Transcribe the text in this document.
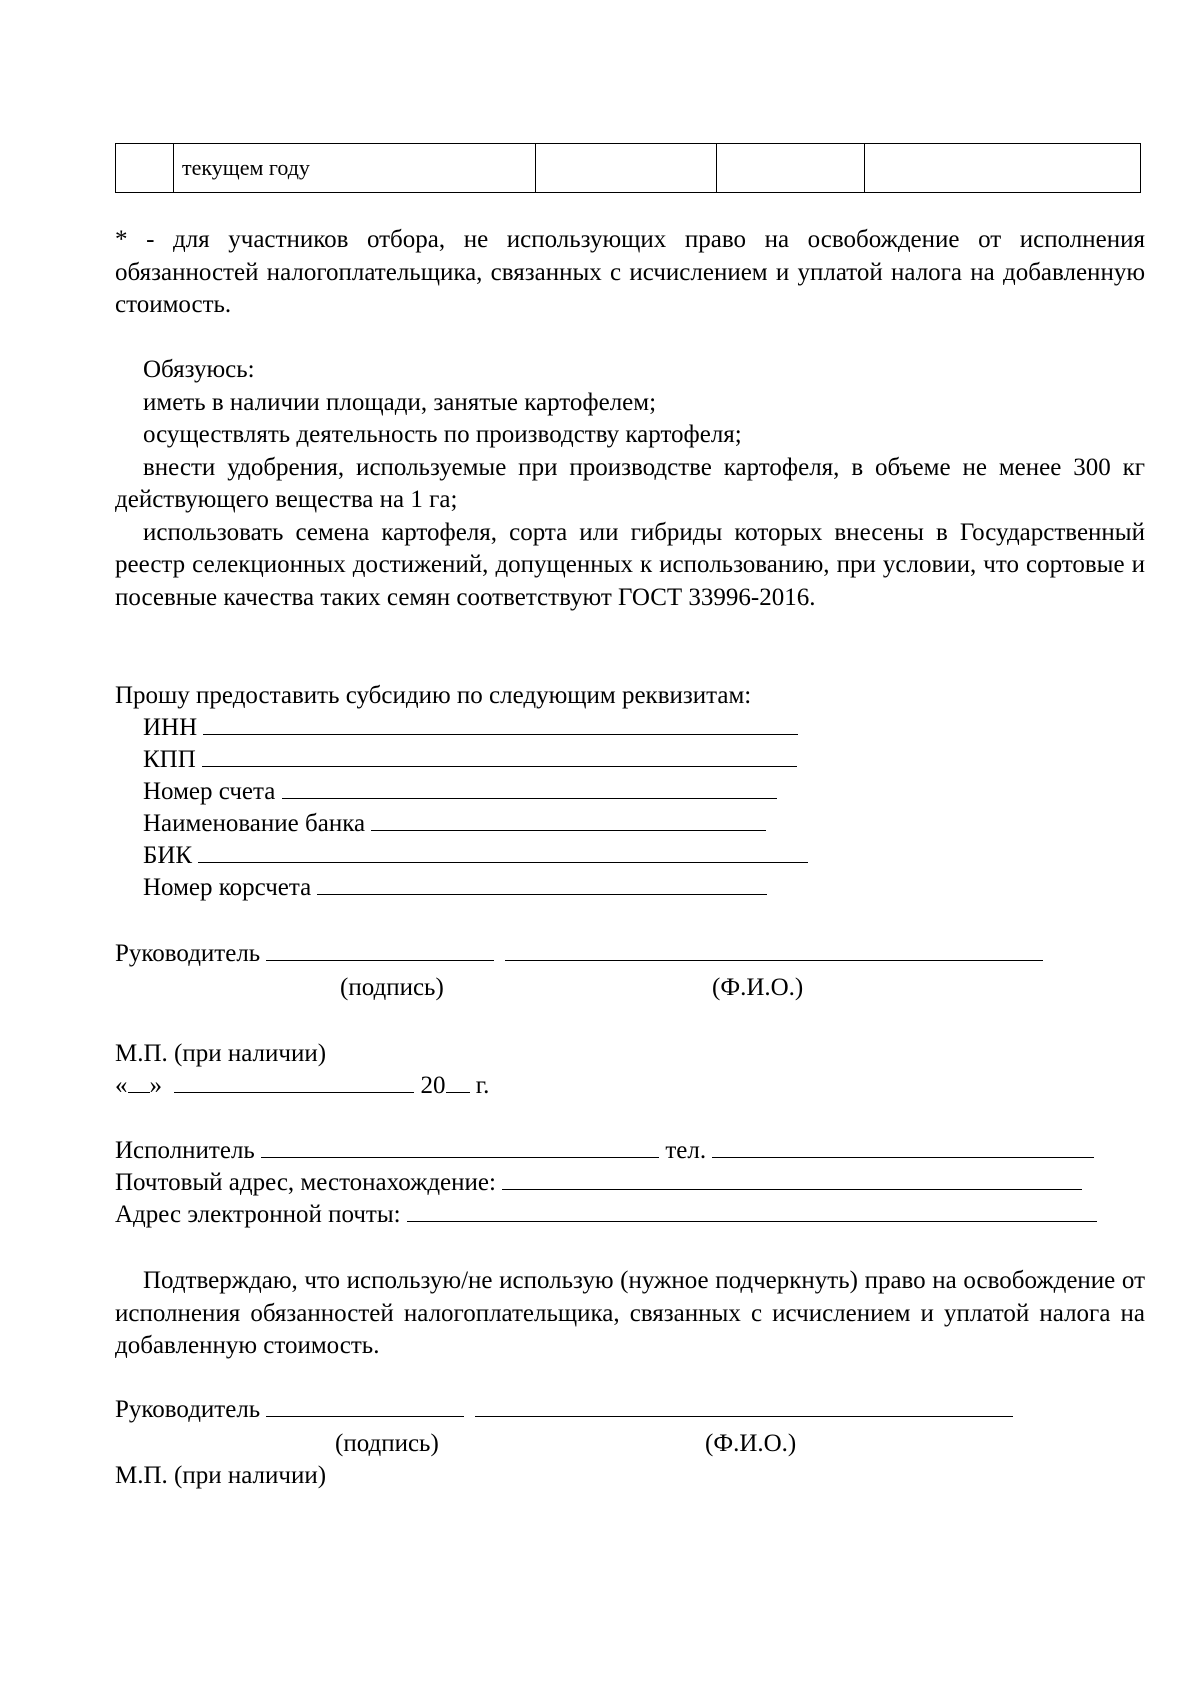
	текущем году			

* - для участников отбора, не использующих право на освобождение от исполнения обязанностей налогоплательщика, связанных с исчислением и уплатой налога на добавленную стоимость.

Обязуюсь:

иметь в наличии площади, занятые картофелем;

осуществлять деятельность по производству картофеля;

внести удобрения, используемые при производстве картофеля, в объеме не менее 300 кг действующего вещества на 1 га;

использовать семена картофеля, сорта или гибриды которых внесены в Государственный реестр селекционных достижений, допущенных к использованию, при условии, что сортовые и посевные качества таких семян соответствуют ГОСТ 33996-2016.

Прошу предоставить субсидию по следующим реквизитам:
ИНН
КПП
Номер счета
Наименование банка
БИК
Номер корсчета
Руководитель
(подпись)	(Ф.И.О.)
М.П. (при наличии)
« »	20 г.
Исполнитель	тел.
Почтовый адрес, местонахождение:
Адрес электронной почты:

Подтверждаю, что использую/не использую (нужное подчеркнуть) право на освобождение от исполнения обязанностей налогоплательщика, связанных с исчислением и уплатой налога на добавленную стоимость.

Руководитель
(подпись)	(Ф.И.О.)
М.П. (при наличии)
